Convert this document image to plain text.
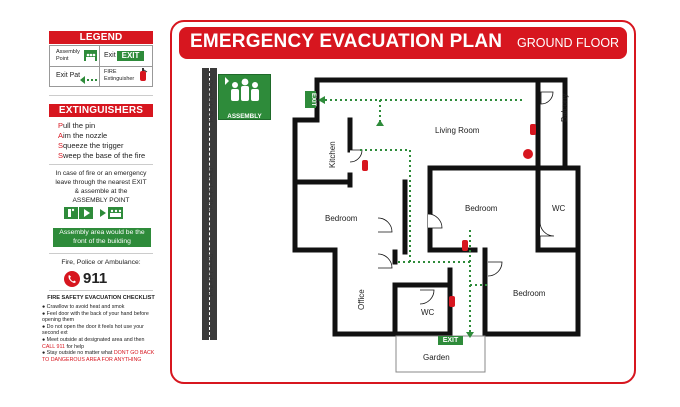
LEGEND
Assembly Point	Exit EXIT
Exit Pat	FIRE
Extinguisher
EXTINGUISHERS
Pull the pin
Aim the nozzle
Squeeze the trigger
Sweep the base of the fire
In case of fire or an emergency
leave through the nearest EXIT
& assemble at the
ASSEMBLY POINT
Assembly area would be the
front of the building
Fire, Police or Ambulance:
911
FIRE SAFETY EVACUATION CHECKLIST
● Crawllow to avoid heat and smok
● Feel door with the back of your hand before opening them
● Do not open the door it feels hot use your second ext
● Meet outside at designated area and then CALL 911 for help
● Stay outside no matter what DONT GO BACK TO DANGEROUS AREA FOR ANYTHING
EMERGENCY EVACUATION PLAN GROUND FLOOR
Dinner Lake Blvd
Dinner Lake Blvd
Dinner Lake Blvd
ASSEMBLY POINT
EXIT
EXIT
Living Room
Balcony
Kitchen
Bedroom
Bedroom	WC
Office
WC
Bedroom
Garden
